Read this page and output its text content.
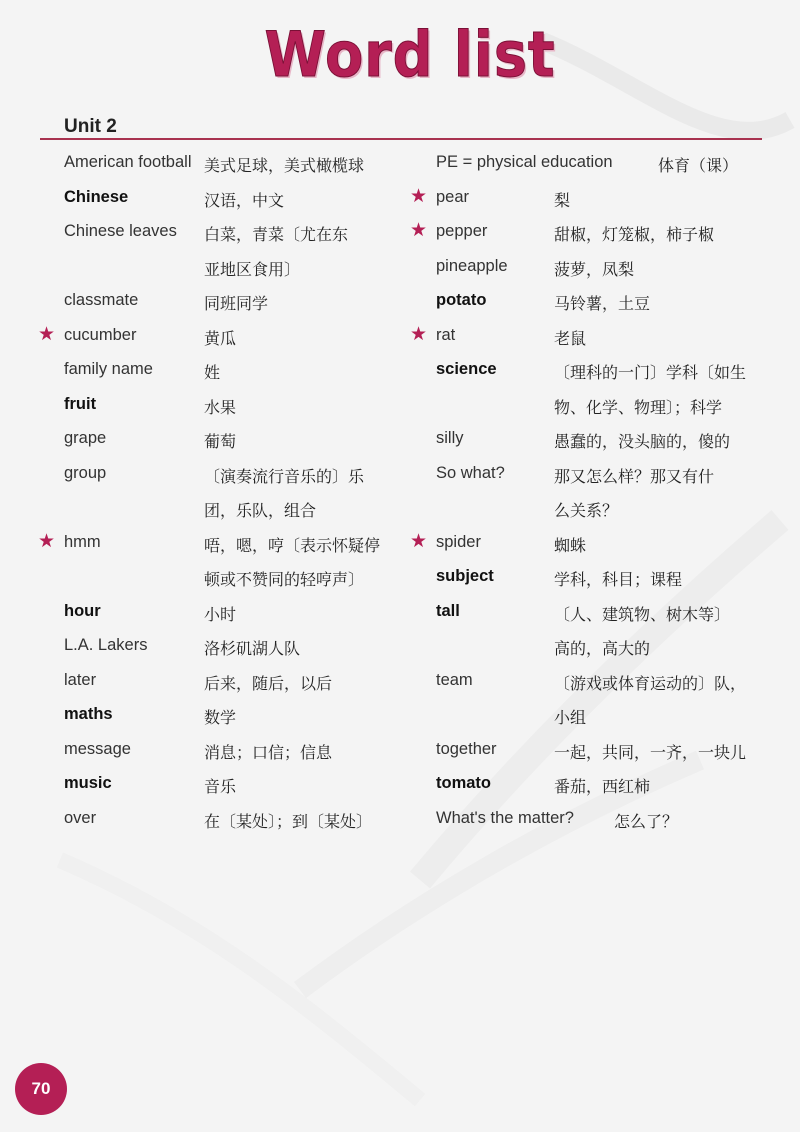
Word list
Unit 2
American football 美式足球，美式橄榄球
Chinese	汉语，中文
Chinese leaves 白菜，青菜〔尤在东
亚地区食用〕
classmate	同班同学
★ cucumber	黄瓜
family name	姓
fruit	水果
grape	葡萄
group	〔演奏流行音乐的〕乐
团，乐队，组合
★ hmm	唔，嗯，哼〔表示怀疑停
顿或不赞同的轻哼声〕
hour	小时
L.A. Lakers	洛杉矶湖人队
later	后来，随后，以后
maths	数学
message	消息；口信；信息
music	音乐
over	在〔某处〕；到〔某处〕
PE = physical education	体育（课）
★ pear	梨
★ pepper	甜椒，灯笼椒，柿子椒
pineapple	菠萝，凤梨
potato	马铃薯，土豆
★ rat	老鼠
science	〔理科的一门〕学科〔如生
物、化学、物理〕；科学
silly	愚蠢的，没头脑的，傻的
So what?	那又怎么样？那又有什
么关系？
★ spider	蜘蛛
subject	学科，科目；课程
tall	〔人、建筑物、树木等〕
高的，高大的
team	〔游戏或体育运动的〕队，
小组
together	一起，共同，一齐，一块儿
tomato	番茄，西红柿
What's the matter?	怎么了？
70
